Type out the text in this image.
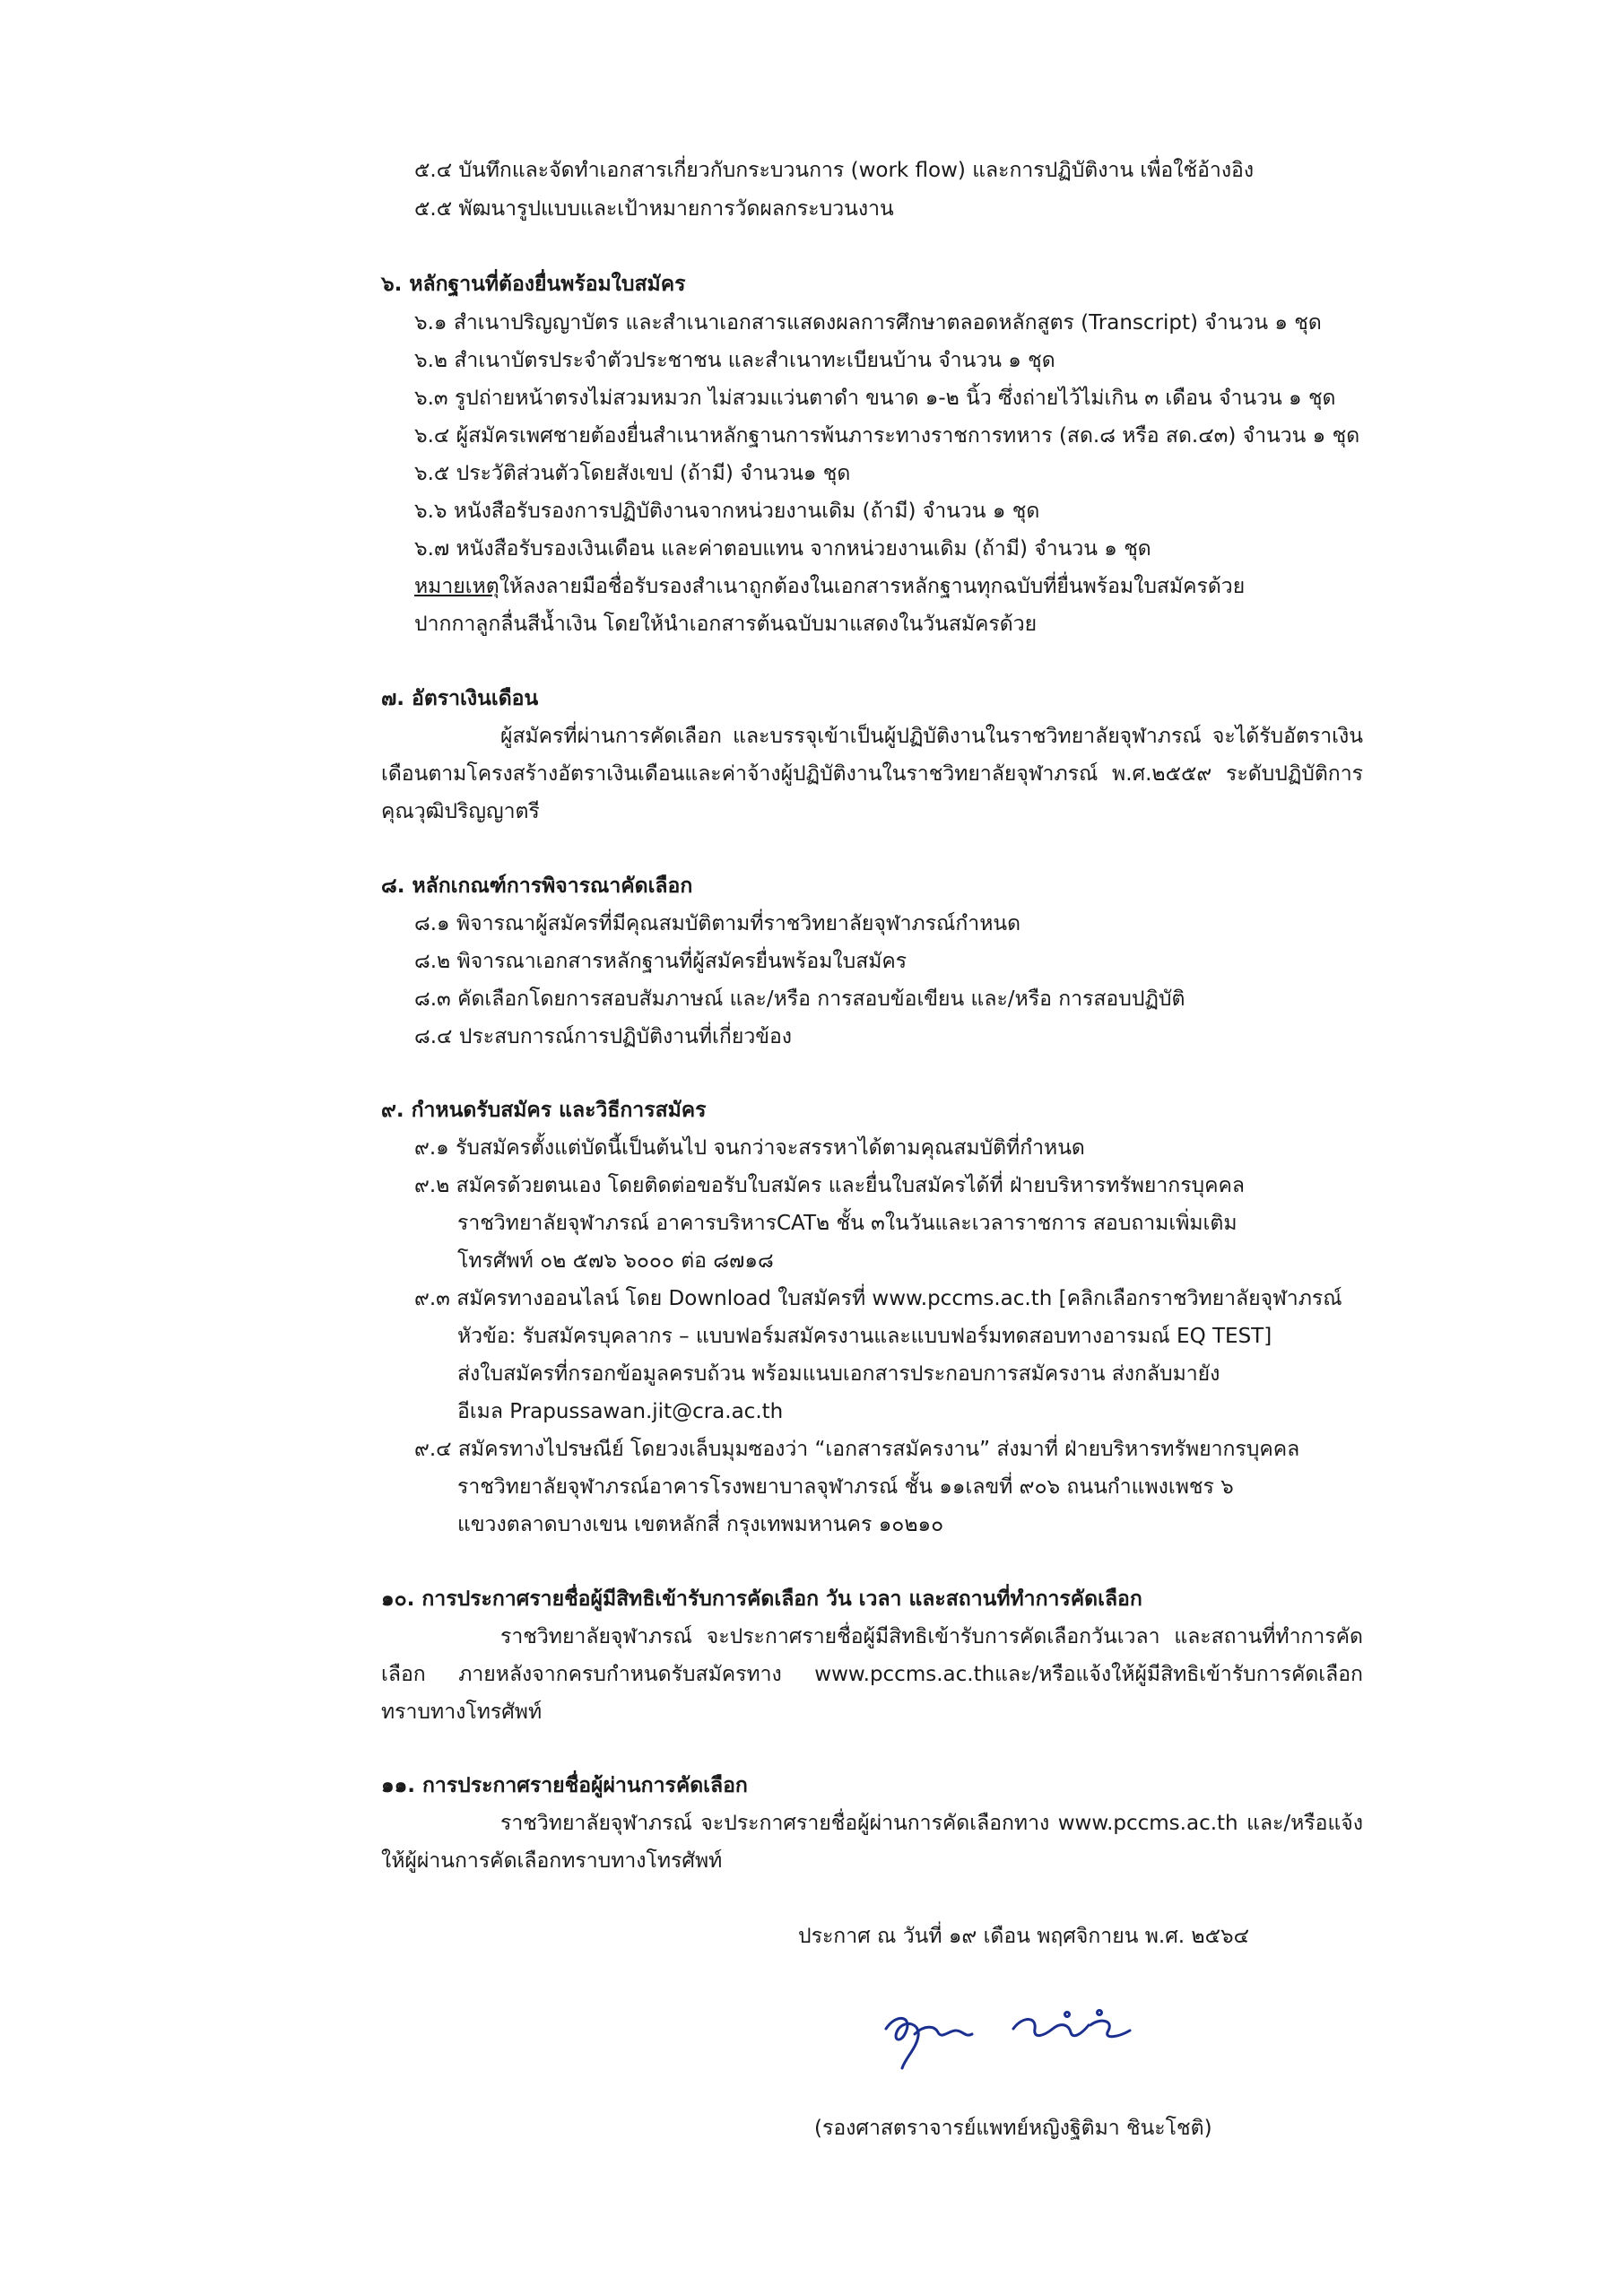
๕.๔ บันทึกและจัดทำเอกสารเกี่ยวกับกระบวนการ (work flow) และการปฏิบัติงาน เพื่อใช้อ้างอิง
๕.๕ พัฒนารูปแบบและเป้าหมายการวัดผลกระบวนงาน
๖. หลักฐานที่ต้องยื่นพร้อมใบสมัคร
๖.๑ สำเนาปริญญาบัตร และสำเนาเอกสารแสดงผลการศึกษาตลอดหลักสูตร (Transcript) จำนวน ๑ ชุด
๖.๒ สำเนาบัตรประจำตัวประชาชน และสำเนาทะเบียนบ้าน จำนวน ๑ ชุด
๖.๓ รูปถ่ายหน้าตรงไม่สวมหมวก ไม่สวมแว่นตาดำ ขนาด ๑-๒ นิ้ว ซึ่งถ่ายไว้ไม่เกิน ๓ เดือน จำนวน ๑ ชุด
๖.๔ ผู้สมัครเพศชายต้องยื่นสำเนาหลักฐานการพ้นภาระทางราชการทหาร (สด.๘ หรือ สด.๔๓) จำนวน ๑ ชุด
๖.๕ ประวัติส่วนตัวโดยสังเขป (ถ้ามี) จำนวน๑ ชุด
๖.๖ หนังสือรับรองการปฏิบัติงานจากหน่วยงานเดิม (ถ้ามี) จำนวน ๑ ชุด
๖.๗ หนังสือรับรองเงินเดือน และค่าตอบแทน จากหน่วยงานเดิม (ถ้ามี) จำนวน ๑ ชุด
หมายเหตุให้ลงลายมือชื่อรับรองสำเนาถูกต้องในเอกสารหลักฐานทุกฉบับที่ยื่นพร้อมใบสมัครด้วย
ปากกาลูกลื่นสีน้ำเงิน โดยให้นำเอกสารต้นฉบับมาแสดงในวันสมัครด้วย
๗. อัตราเงินเดือน
ผู้สมัครที่ผ่านการคัดเลือก และบรรจุเข้าเป็นผู้ปฏิบัติงานในราชวิทยาลัยจุฬาภรณ์ จะได้รับอัตราเงิน
เดือนตามโครงสร้างอัตราเงินเดือนและค่าจ้างผู้ปฏิบัติงานในราชวิทยาลัยจุฬาภรณ์ พ.ศ.๒๕๕๙ ระดับปฏิบัติการ
คุณวุฒิปริญญาตรี
๘. หลักเกณฑ์การพิจารณาคัดเลือก
๘.๑ พิจารณาผู้สมัครที่มีคุณสมบัติตามที่ราชวิทยาลัยจุฬาภรณ์กำหนด
๘.๒ พิจารณาเอกสารหลักฐานที่ผู้สมัครยื่นพร้อมใบสมัคร
๘.๓ คัดเลือกโดยการสอบสัมภาษณ์ และ/หรือ การสอบข้อเขียน และ/หรือ การสอบปฏิบัติ
๘.๔ ประสบการณ์การปฏิบัติงานที่เกี่ยวข้อง
๙. กำหนดรับสมัคร และวิธีการสมัคร
๙.๑ รับสมัครตั้งแต่บัดนี้เป็นต้นไป จนกว่าจะสรรหาได้ตามคุณสมบัติที่กำหนด
๙.๒ สมัครด้วยตนเอง โดยติดต่อขอรับใบสมัคร และยื่นใบสมัครได้ที่ ฝ่ายบริหารทรัพยากรบุคคล
ราชวิทยาลัยจุฬาภรณ์ อาคารบริหารCAT๒ ชั้น ๓ในวันและเวลาราชการ สอบถามเพิ่มเติม
โทรศัพท์ ๐๒ ๕๗๖ ๖๐๐๐ ต่อ ๘๗๑๘
๙.๓ สมัครทางออนไลน์ โดย Download ใบสมัครที่ www.pccms.ac.th [คลิกเลือกราชวิทยาลัยจุฬาภรณ์
หัวข้อ: รับสมัครบุคลากร – แบบฟอร์มสมัครงานและแบบฟอร์มทดสอบทางอารมณ์ EQ TEST]
ส่งใบสมัครที่กรอกข้อมูลครบถ้วน พร้อมแนบเอกสารประกอบการสมัครงาน ส่งกลับมายัง
อีเมล Prapussawan.jit@cra.ac.th
๙.๔ สมัครทางไปรษณีย์ โดยวงเล็บมุมซองว่า “เอกสารสมัครงาน” ส่งมาที่ ฝ่ายบริหารทรัพยากรบุคคล
ราชวิทยาลัยจุฬาภรณ์อาคารโรงพยาบาลจุฬาภรณ์ ชั้น ๑๑เลขที่ ๙๐๖ ถนนกำแพงเพชร ๖
แขวงตลาดบางเขน เขตหลักสี่ กรุงเทพมหานคร ๑๐๒๑๐
๑๐. การประกาศรายชื่อผู้มีสิทธิเข้ารับการคัดเลือก วัน เวลา และสถานที่ทำการคัดเลือก
ราชวิทยาลัยจุฬาภรณ์ จะประกาศรายชื่อผู้มีสิทธิเข้ารับการคัดเลือกวันเวลา และสถานที่ทำการคัด
เลือก ภายหลังจากครบกำหนดรับสมัครทาง www.pccms.ac.thและ/หรือแจ้งให้ผู้มีสิทธิเข้ารับการคัดเลือก
ทราบทางโทรศัพท์
๑๑. การประกาศรายชื่อผู้ผ่านการคัดเลือก
ราชวิทยาลัยจุฬาภรณ์ จะประกาศรายชื่อผู้ผ่านการคัดเลือกทาง www.pccms.ac.th และ/หรือแจ้ง
ให้ผู้ผ่านการคัดเลือกทราบทางโทรศัพท์
ประกาศ ณ วันที่ ๑๙ เดือน พฤศจิกายน พ.ศ. ๒๕๖๔
(รองศาสตราจารย์แพทย์หญิงฐิติมา ชินะโชติ)
